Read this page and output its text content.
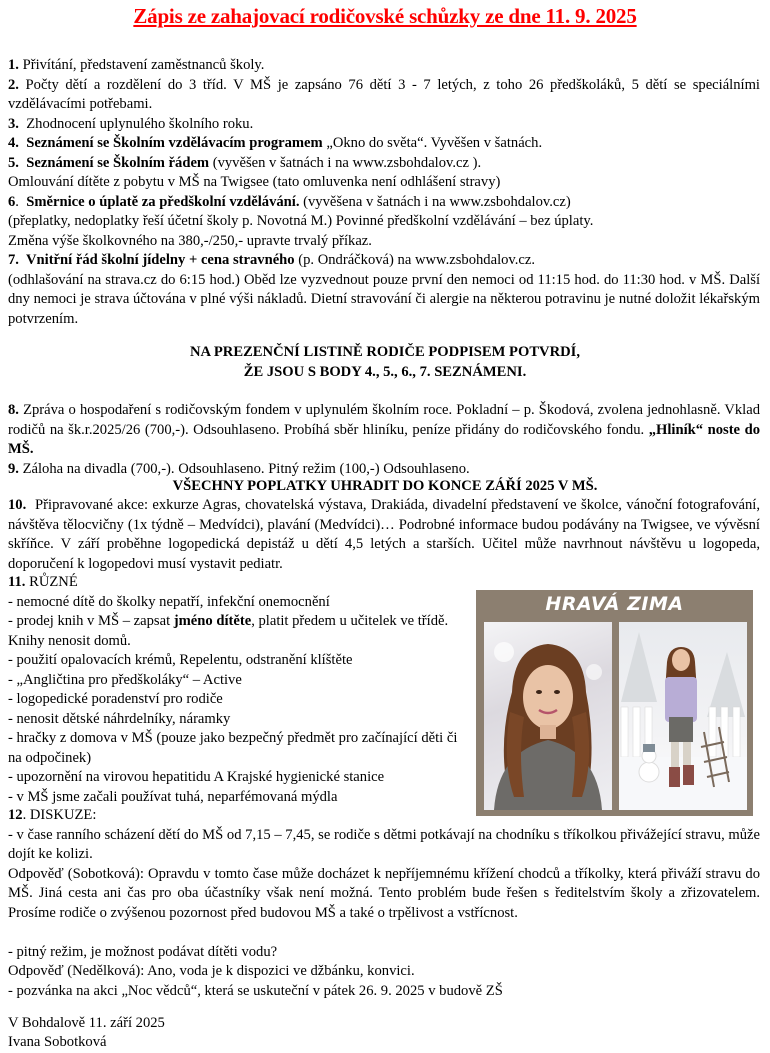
Zápis ze zahajovací rodičovské schůzky ze dne 11. 9. 2025
1. Přivítání, představení zaměstnanců školy.
2. Počty dětí a rozdělení do 3 tříd. V MŠ je zapsáno 76 dětí 3 - 7 letých, z toho 26 předškoláků, 5 dětí se speciálními vzdělávacími potřebami.
3.  Zhodnocení uplynulého školního roku.
4.  Seznámení se Školním vzdělávacím programem „Okno do světa“. Vyvěšen v šatnách.
5.  Seznámení se Školním řádem (vyvěšen v šatnách i na www.zsbohdalov.cz ).
Omlouvání dítěte z pobytu v MŠ na Twigsee (tato omluvenka není odhlášení stravy)
6.  Směrnice o úplatě za předškolní vzdělávání. (vyvěšena v šatnách i na www.zsbohdalov.cz)
(přeplatky, nedoplatky řeší účetní školy p. Novotná M.) Povinné předškolní vzdělávání – bez úplaty.
Změna výše školkovného na 380,-/250,- upravte trvalý příkaz.
7.  Vnitřní řád školní jídelny + cena stravného (p. Ondráčková) na www.zsbohdalov.cz.
(odhlašování na strava.cz do 6:15 hod.) Oběd lze vyzvednout pouze první den nemoci od 11:15 hod. do 11:30 hod. v MŠ. Další dny nemoci je strava účtována v plné výši nákladů. Dietní stravování či alergie na některou potravinu je nutné doložit lékařským potvrzením.
NA PREZENČNÍ LISTINĚ RODIČE PODPISEM POTVRDÍ,
ŽE JSOU S BODY 4., 5., 6., 7. SEZNÁMENI.
8. Zpráva o hospodaření s rodičovským fondem v uplynulém školním roce. Pokladní – p. Škodová, zvolena jednohlasně. Vklad rodičů na šk.r.2025/26 (700,-). Odsouhlaseno. Probíhá sběr hliníku, peníze přidány do rodičovského fondu. „Hliník“ noste do MŠ.
9. Záloha na divadla (700,-). Odsouhlaseno. Pitný režim (100,-) Odsouhlaseno.
VŠECHNY POPLATKY UHRADIT DO KONCE ZÁŘÍ 2025 V MŠ.
10.  Připravované akce: exkurze Agras, chovatelská výstava, Drakiáda, divadelní představení ve školce, vánoční fotografování, návštěva tělocvičny (1x týdně – Medvídci), plavání (Medvídci)… Podrobné informace budou podávány na Twigsee, ve vývěsní skříňce. V září proběhne logopedická depistáž u dětí 4,5 letých a starších. Učitel může navrhnout návštěvu u logopeda, doporučení k logopedovi musí vystavit pediatr.
11. RŮZNÉ
- nemocné dítě do školky nepatří, infekční onemocnění
- prodej knih v MŠ – zapsat jméno dítěte, platit předem u učitelek ve třídě. Knihy nenosit domů.
- použití opalovacích krémů, Repelentu, odstranění klíštěte
- „Angličtina pro předškoláky“ – Active
- logopedické poradenství pro rodiče
- nenosit dětské náhrdelníky, náramky
- hračky z domova v MŠ (pouze jako bezpečný předmět pro začínající děti či na odpočinek)
- upozornění na virovou hepatitidu A Krajské hygienické stanice
- v MŠ jsme začali používat tuhá, neparfémovaná mýdla
HRAVÁ ZIMA
12. DISKUZE:
- v čase ranního scházení dětí do MŠ od 7,15 – 7,45, se rodiče s dětmi potkávají na chodníku s tříkolkou přivážející stravu, může dojít ke kolizi.
Odpověď (Sobotková): Opravdu v tomto čase může docházet k nepříjemnému křížení chodců a tříkolky, která přiváží stravu do MŠ. Jiná cesta ani čas pro oba účastníky však není možná. Tento problém bude řešen s ředitelstvím školy a zřizovatelem. Prosíme rodiče o zvýšenou pozornost před budovou MŠ a také o trpělivost a vstřícnost.
- pitný režim, je možnost podávat dítěti vodu?
Odpověď (Nedělková): Ano, voda je k dispozici ve džbánku, konvici.
- pozvánka na akci „Noc vědců“, která se uskuteční v pátek 26. 9. 2025 v budově ZŠ
V Bohdalově 11. září 2025
Ivana Sobotková
